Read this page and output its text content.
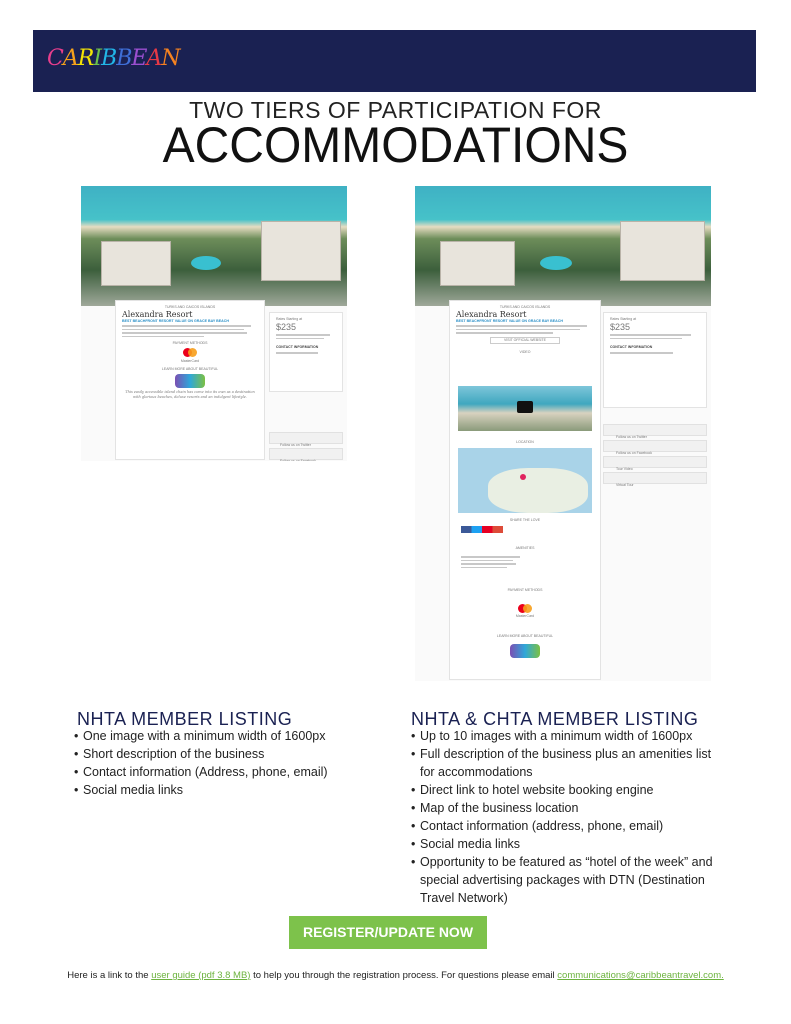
CARIBBEAN
TWO TIERS OF PARTICIPATION FOR
ACCOMMODATIONS
TURKS AND CAICOS ISLANDS
Alexandra Resort
BEST BEACHFRONT RESORT VALUE ON GRACE BAY BEACH
PAYMENT METHODS
MasterCard
LEARN MORE ABOUT BEAUTIFUL
This easily accessible island chain has come into its own as a destination with glorious beaches, deluxe resorts and an indulgent lifestyle.
Rates Starting at
$235
CONTACT INFORMATION
Follow us on Twitter
Follow us on Facebook
TURKS AND CAICOS ISLANDS
Alexandra Resort
BEST BEACHFRONT RESORT VALUE ON GRACE BAY BEACH
VISIT OFFICIAL WEBSITE
VIDEO
LOCATION
SHARE THE LOVE
AMENITIES
PAYMENT METHODS
MasterCard
LEARN MORE ABOUT BEAUTIFUL
Rates Starting at
$235
CONTACT INFORMATION
Follow us on Twitter
Follow us on Facebook
Tour Video
Virtual Tour
NHTA MEMBER LISTING
• One image with a minimum width of 1600px
• Short description of the business
• Contact information (Address, phone, email)
• Social media links
NHTA & CHTA MEMBER LISTING
• Up to 10 images with a minimum width of 1600px
• Full description of the business plus an amenities list for accommodations
• Direct link to hotel website booking engine
• Map of the business location
• Contact information (address, phone, email)
• Social media links
• Opportunity to be featured as “hotel of the week” and special advertising packages with DTN (Destination Travel Network)
REGISTER/UPDATE NOW
Here is a link to the user guide (pdf 3.8 MB) to help you through the registration process. For questions please email communications@caribbeantravel.com.
